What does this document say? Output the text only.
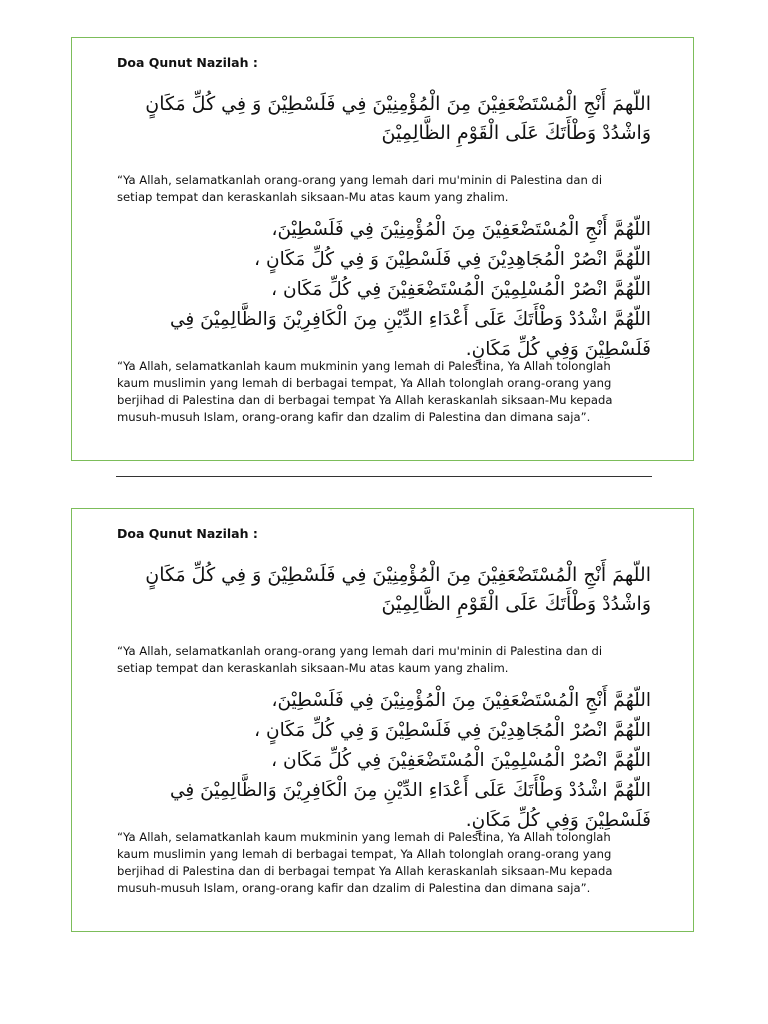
Doa Qunut Nazilah :

اللّهمَ أَنْجِ الْمُسْتَضْعَفِيْنَ مِنَ الْمُؤْمِنِيْنَ فِي فَلَسْطِيْنَ وَ فِي كُلِّ مَكَانٍ
وَاشْدُدْ وَطْأَتَكَ عَلَى الْقَوْمِ الظَّالِمِيْنَ
“Ya Allah, selamatkanlah orang-orang yang lemah dari mu'minin di Palestina dan di
setiap tempat dan keraskanlah siksaan-Mu atas kaum yang zhalim.
اللّهُمَّ أَنْجِ الْمُسْتَضْعَفِيْنَ مِنَ الْمُؤْمِنِيْنَ فِي فَلَسْطِيْنَ،
اللّهُمَّ انْصُرْ الْمُجَاهِدِيْنَ فِي فَلَسْطِيْنَ وَ فِي كُلِّ مَكَانٍ ،
اللّهُمَّ انْصُرْ الْمُسْلِمِيْنَ الْمُسْتَضْعَفِيْنَ فِي كُلِّ مَكَان ،
اللّهُمَّ اشْدُدْ وَطْأَتَكَ عَلَى أَعْدَاءِ الدِّيْنِ مِنَ الْكَافِرِيْنَ وَالظَّالِمِيْنَ فِي
فَلَسْطِيْنَ وَفِي كُلِّ مَكَانٍ.
“Ya Allah, selamatkanlah kaum mukminin yang lemah di Palestina, Ya Allah tolonglah
kaum muslimin yang lemah di berbagai tempat, Ya Allah tolonglah orang-orang yang
berjihad di Palestina dan di berbagai tempat Ya Allah keraskanlah siksaan-Mu kepada
musuh-musuh Islam, orang-orang kafir dan dzalim di Palestina dan dimana saja”.

Doa Qunut Nazilah :

اللّهمَ أَنْجِ الْمُسْتَضْعَفِيْنَ مِنَ الْمُؤْمِنِيْنَ فِي فَلَسْطِيْنَ وَ فِي كُلِّ مَكَانٍ
وَاشْدُدْ وَطْأَتَكَ عَلَى الْقَوْمِ الظَّالِمِيْنَ
“Ya Allah, selamatkanlah orang-orang yang lemah dari mu'minin di Palestina dan di
setiap tempat dan keraskanlah siksaan-Mu atas kaum yang zhalim.
اللّهُمَّ أَنْجِ الْمُسْتَضْعَفِيْنَ مِنَ الْمُؤْمِنِيْنَ فِي فَلَسْطِيْنَ،
اللّهُمَّ انْصُرْ الْمُجَاهِدِيْنَ فِي فَلَسْطِيْنَ وَ فِي كُلِّ مَكَانٍ ،
اللّهُمَّ انْصُرْ الْمُسْلِمِيْنَ الْمُسْتَضْعَفِيْنَ فِي كُلِّ مَكَان ،
اللّهُمَّ اشْدُدْ وَطْأَتَكَ عَلَى أَعْدَاءِ الدِّيْنِ مِنَ الْكَافِرِيْنَ وَالظَّالِمِيْنَ فِي
فَلَسْطِيْنَ وَفِي كُلِّ مَكَانٍ.
“Ya Allah, selamatkanlah kaum mukminin yang lemah di Palestina, Ya Allah tolonglah
kaum muslimin yang lemah di berbagai tempat, Ya Allah tolonglah orang-orang yang
berjihad di Palestina dan di berbagai tempat Ya Allah keraskanlah siksaan-Mu kepada
musuh-musuh Islam, orang-orang kafir dan dzalim di Palestina dan dimana saja”.
